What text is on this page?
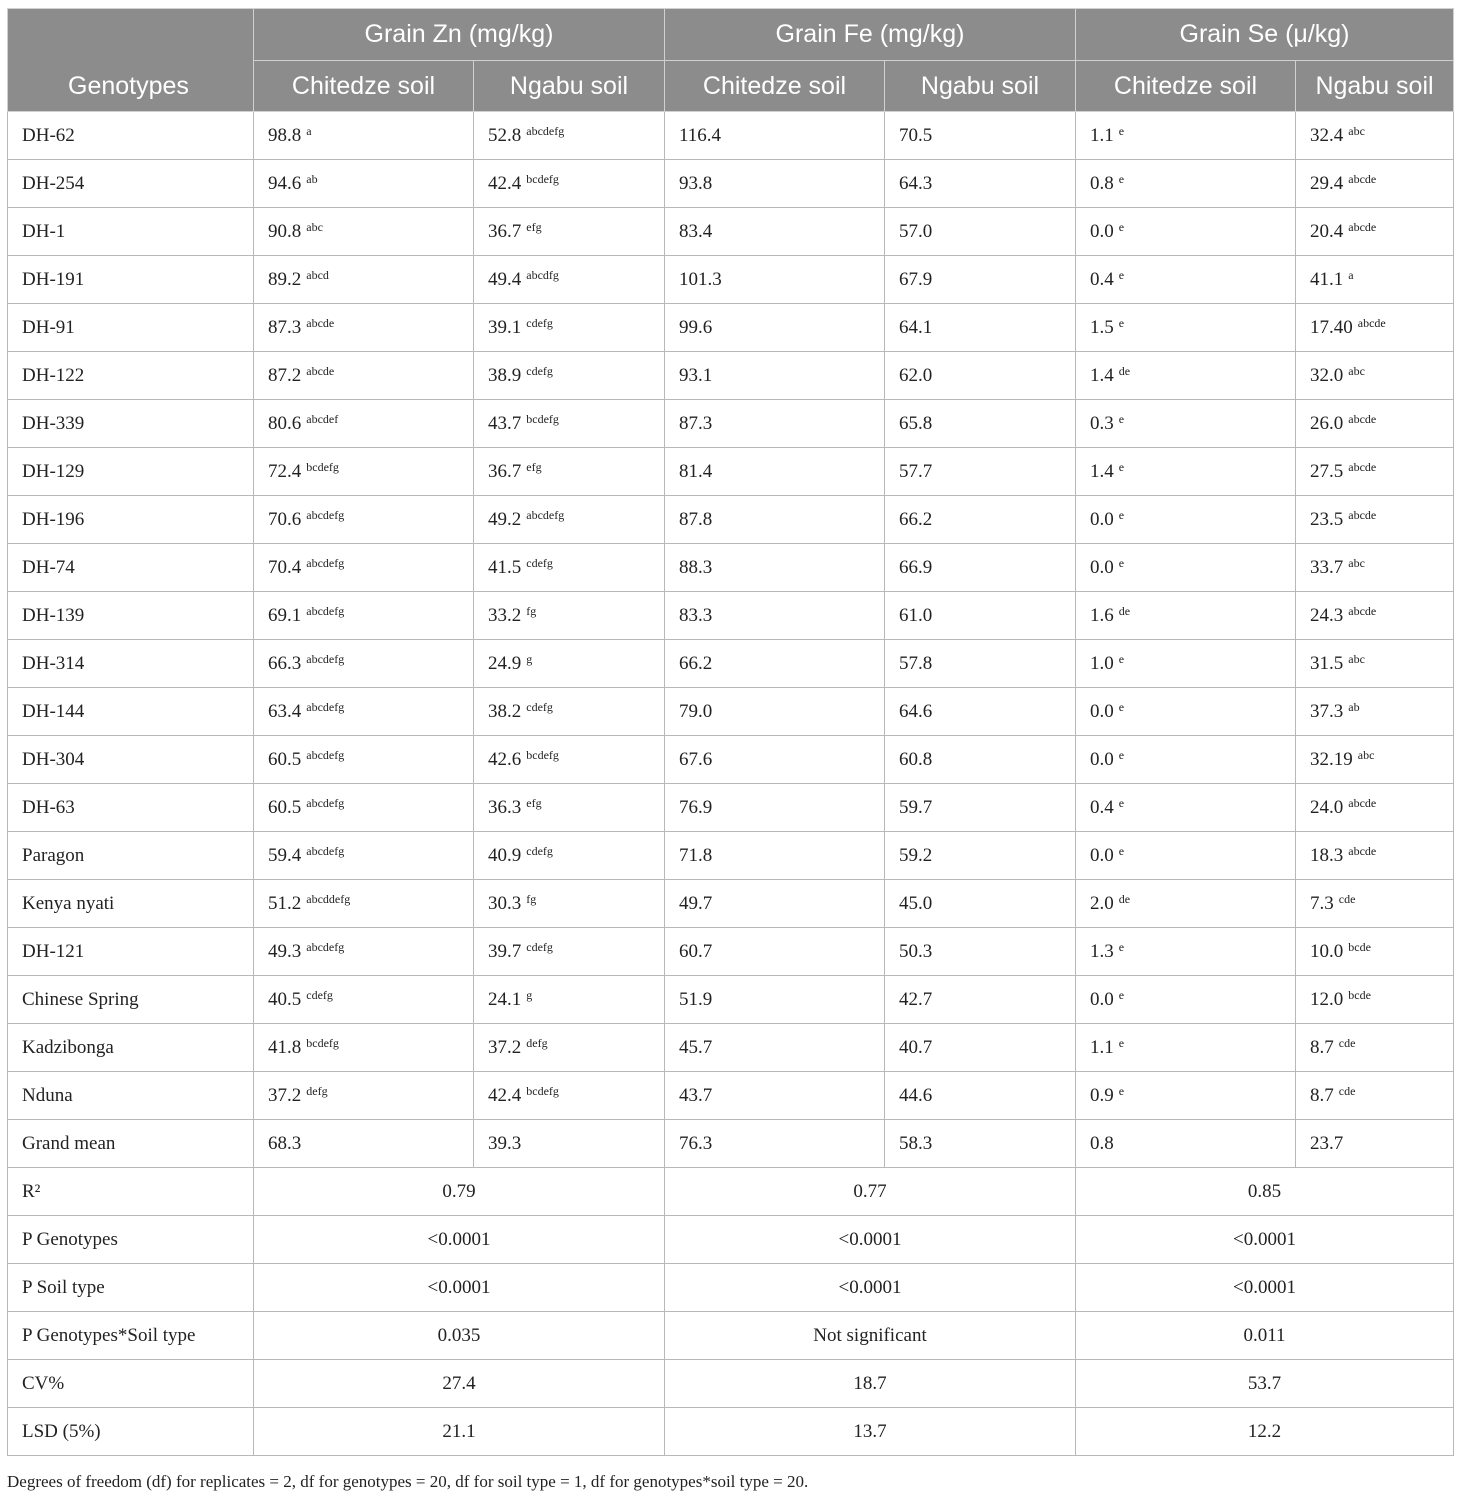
Genotypes	Grain Zn (mg/kg)		Grain Fe (mg/kg)		Grain Se (μ/kg)	
	Chitedze soil	Ngabu soil	Chitedze soil	Ngabu soil	Chitedze soil	Ngabu soil
DH-62	98.8 $^a$	52.8 $^{abcdefg}$	116.4	70.5	1.1 $^e$	32.4 $^{abc}$
DH-254	94.6 $^{ab}$	42.4 $^{bcdefg}$	93.8	64.3	0.8 $^e$	29.4 $^{abcde}$
DH-1	90.8 $^{abc}$	36.7 $^{efg}$	83.4	57.0	0.0 $^e$	20.4 $^{abcde}$
DH-191	89.2 $^{abcd}$	49.4 $^{abcdfg}$	101.3	67.9	0.4 $^e$	41.1 $^a$
DH-91	87.3 $^{abcde}$	39.1 $^{cdefg}$	99.6	64.1	1.5 $^e$	17.40 $^{abcde}$
DH-122	87.2 $^{abcde}$	38.9 $^{cdefg}$	93.1	62.0	1.4 $^{de}$	32.0 $^{abc}$
DH-339	80.6 $^{abcdef}$	43.7 $^{bcdefg}$	87.3	65.8	0.3 $^e$	26.0 $^{abcde}$
DH-129	72.4 $^{bcdefg}$	36.7 $^{efg}$	81.4	57.7	1.4 $^e$	27.5 $^{abcde}$
DH-196	70.6 $^{abcdefg}$	49.2 $^{abcdefg}$	87.8	66.2	0.0 $^e$	23.5 $^{abcde}$
DH-74	70.4 $^{abcdefg}$	41.5 $^{cdefg}$	88.3	66.9	0.0 $^e$	33.7 $^{abc}$
DH-139	69.1 $^{abcdefg}$	33.2 $^{fg}$	83.3	61.0	1.6 $^{de}$	24.3 $^{abcde}$
DH-314	66.3 $^{abcdefg}$	24.9 $^g$	66.2	57.8	1.0 $^e$	31.5 $^{abc}$
DH-144	63.4 $^{abcdefg}$	38.2 $^{cdefg}$	79.0	64.6	0.0 $^e$	37.3 $^{ab}$
DH-304	60.5 $^{abcdefg}$	42.6 $^{bcdefg}$	67.6	60.8	0.0 $^e$	32.19 $^{abc}$
DH-63	60.5 $^{abcdefg}$	36.3 $^{efg}$	76.9	59.7	0.4 $^e$	24.0 $^{abcde}$
Paragon	59.4 $^{abcdefg}$	40.9 $^{cdefg}$	71.8	59.2	0.0 $^e$	18.3 $^{abcde}$
Kenya nyati	51.2 $^{abcddefg}$	30.3 $^{fg}$	49.7	45.0	2.0 $^{de}$	7.3 $^{cde}$
DH-121	49.3 $^{abcdefg}$	39.7 $^{cdefg}$	60.7	50.3	1.3 $^e$	10.0 $^{bcde}$
Chinese Spring	40.5 $^{cdefg}$	24.1 $^g$	51.9	42.7	0.0 $^e$	12.0 $^{bcde}$
Kadzibonga	41.8 $^{bcdefg}$	37.2 $^{defg}$	45.7	40.7	1.1 $^e$	8.7 $^{cde}$
Nduna	37.2 $^{defg}$	42.4 $^{bcdefg}$	43.7	44.6	0.9 $^e$	8.7 $^{cde}$
Grand mean	68.3	39.3	76.3	58.3	0.8	23.7
R²	0.79		0.77		0.85	
P Genotypes	<0.0001		<0.0001		<0.0001	
P Soil type	<0.0001		<0.0001		<0.0001	
P Genotypes*Soil type	0.035		Not significant		0.011	
CV%	27.4		18.7		53.7	
LSD (5%)	21.1		13.7		12.2	
Degrees of freedom (df) for replicates = 2, df for genotypes = 20, df for soil type = 1, df for genotypes*soil type = 20.
